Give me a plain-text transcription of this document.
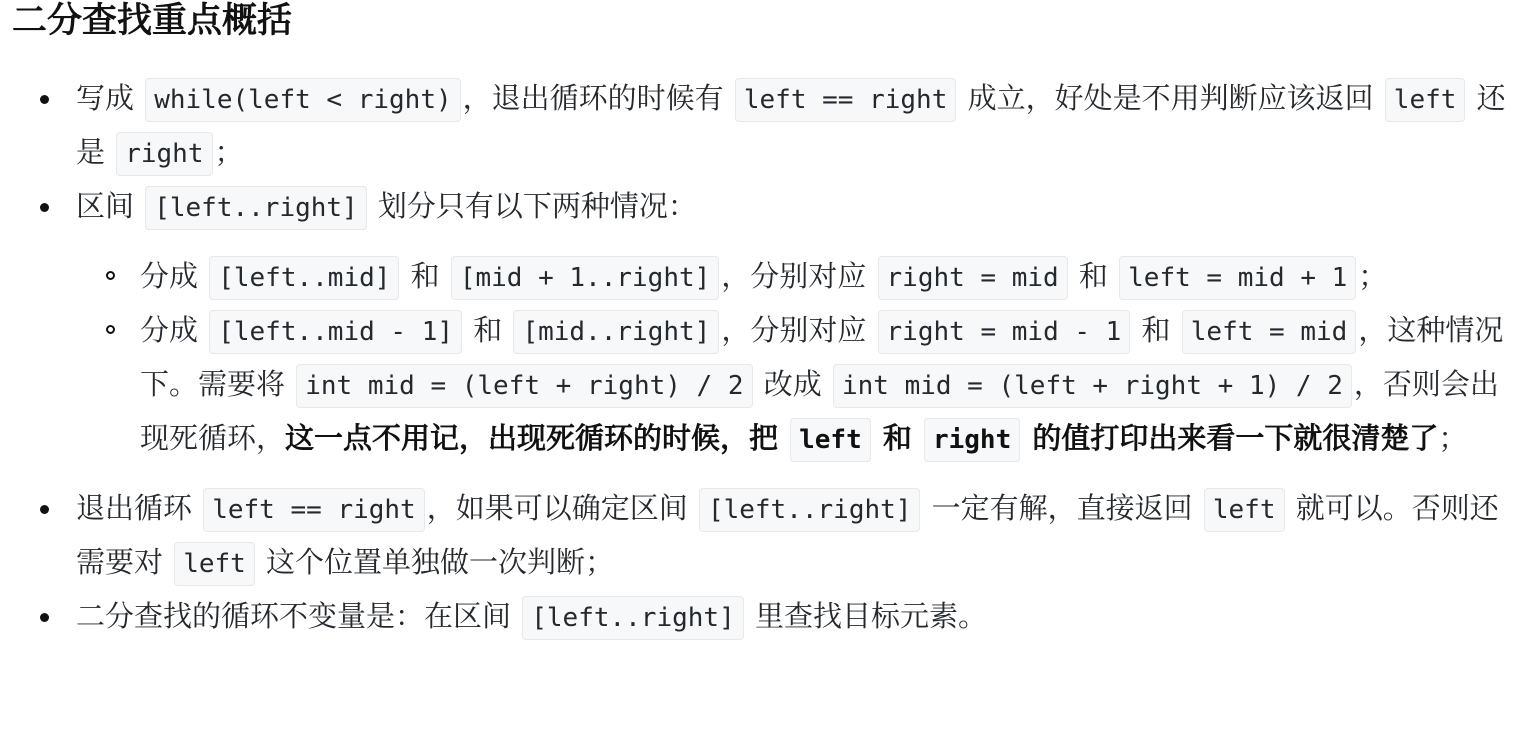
二分查找重点概括
写成 while(left < right) ，退出循环的时候有 left == right 成立，好处是不用判断应该返回 left 还是 right ；
区间 [left..right] 划分只有以下两种情况：
分成 [left..mid] 和 [mid + 1..right] ，分别对应 right = mid 和 left = mid + 1 ；
分成 [left..mid - 1] 和 [mid..right] ，分别对应 right = mid - 1 和 left = mid ，这种情况下。需要将 int mid = (left + right) / 2 改成 int mid = (left + right + 1) / 2 ，否则会出现死循环，这一点不用记，出现死循环的时候，把 left 和 right 的值打印出来看一下就很清楚了；
退出循环 left == right ，如果可以确定区间 [left..right] 一定有解，直接返回 left 就可以。否则还需要对 left 这个位置单独做一次判断；
二分查找的循环不变量是：在区间 [left..right] 里查找目标元素。
